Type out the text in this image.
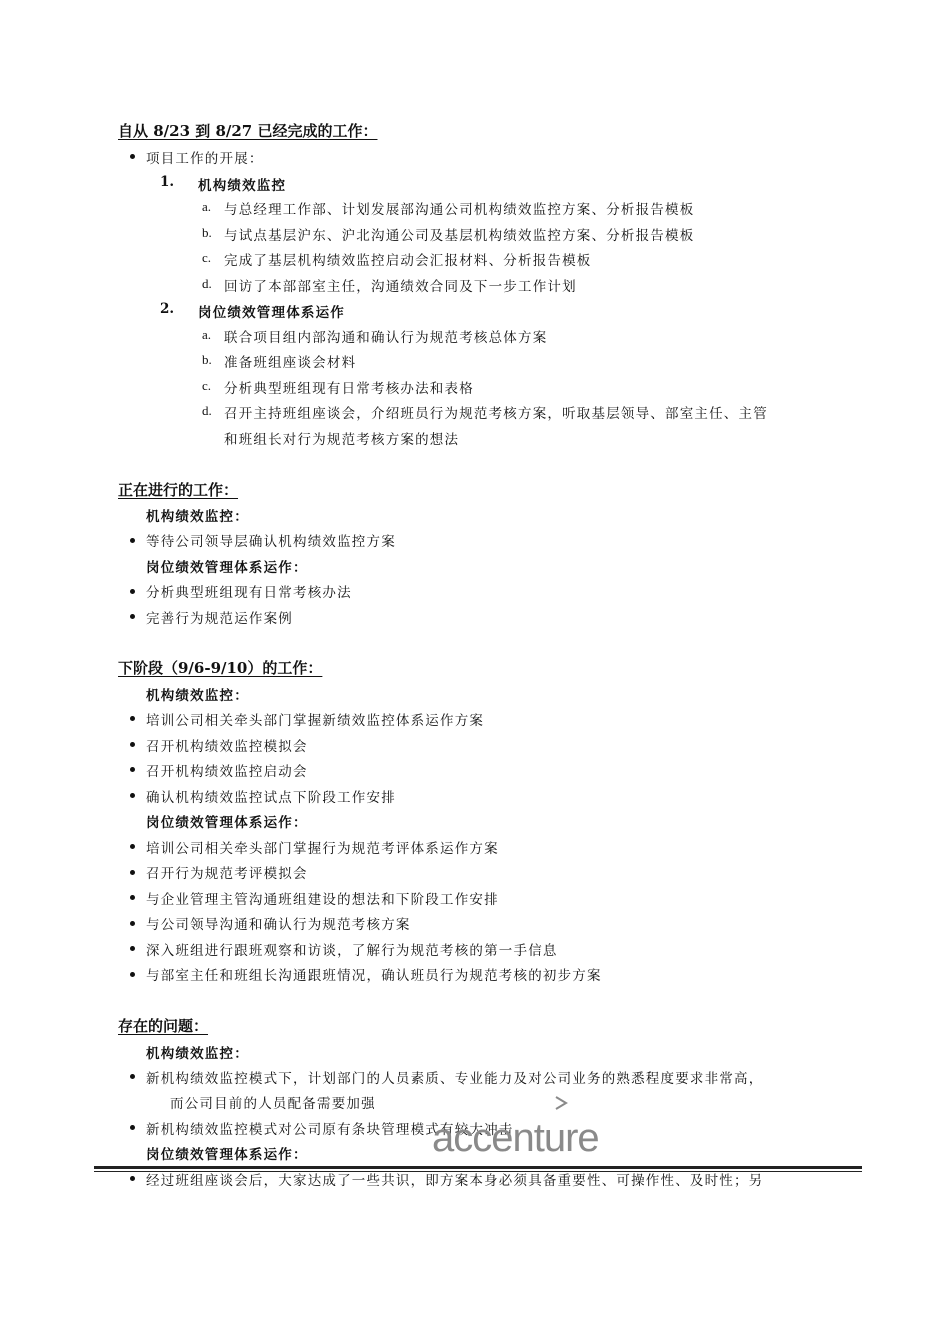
自从 8/23 到 8/27 已经完成的工作：
项目工作的开展：
1. 机构绩效监控
a. 与总经理工作部、计划发展部沟通公司机构绩效监控方案、分析报告模板
b. 与试点基层沪东、沪北沟通公司及基层机构绩效监控方案、分析报告模板
c. 完成了基层机构绩效监控启动会汇报材料、分析报告模板
d. 回访了本部部室主任，沟通绩效合同及下一步工作计划
2. 岗位绩效管理体系运作
a. 联合项目组内部沟通和确认行为规范考核总体方案
b. 准备班组座谈会材料
c. 分析典型班组现有日常考核办法和表格
d. 召开主持班组座谈会，介绍班员行为规范考核方案，听取基层领导、部室主任、主管
和班组长对行为规范考核方案的想法
正在进行的工作：
机构绩效监控：
等待公司领导层确认机构绩效监控方案
岗位绩效管理体系运作：
分析典型班组现有日常考核办法
完善行为规范运作案例
下阶段（9/6-9/10）的工作：
机构绩效监控：
培训公司相关牵头部门掌握新绩效监控体系运作方案
召开机构绩效监控模拟会
召开机构绩效监控启动会
确认机构绩效监控试点下阶段工作安排
岗位绩效管理体系运作：
培训公司相关牵头部门掌握行为规范考评体系运作方案
召开行为规范考评模拟会
与企业管理主管沟通班组建设的想法和下阶段工作安排
与公司领导沟通和确认行为规范考核方案
深入班组进行跟班观察和访谈，了解行为规范考核的第一手信息
与部室主任和班组长沟通跟班情况，确认班员行为规范考核的初步方案
存在的问题：
机构绩效监控：
新机构绩效监控模式下，计划部门的人员素质、专业能力及对公司业务的熟悉程度要求非常高，
而公司目前的人员配备需要加强
新机构绩效监控模式对公司原有条块管理模式有较大冲击
岗位绩效管理体系运作：
经过班组座谈会后，大家达成了一些共识，即方案本身必须具备重要性、可操作性、及时性；另
accenture
